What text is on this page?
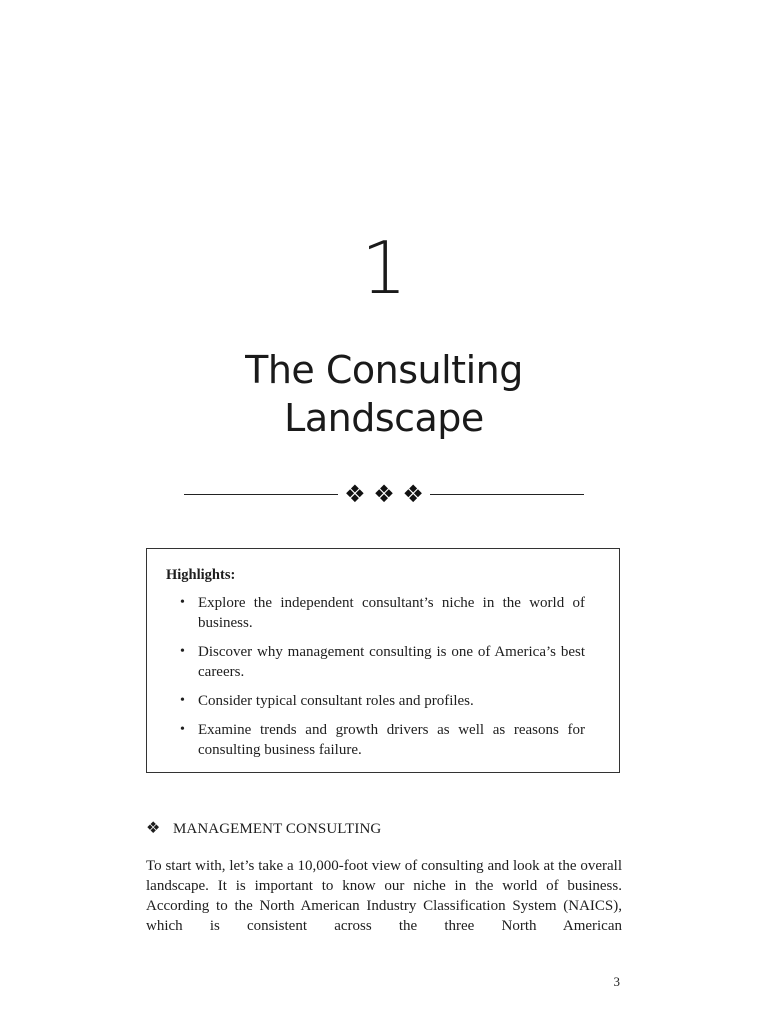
1
The Consulting
Landscape
❖ ❖ ❖
Highlights:
• Explore the independent consultant’s niche in the world of business.
• Discover why management consulting is one of America’s best careers.
• Consider typical consultant roles and profiles.
• Examine trends and growth drivers as well as reasons for consulting business failure.
❖ MANAGEMENT CONSULTING

To start with, let’s take a 10,000-foot view of consulting and look at the overall landscape. It is important to know our niche in the world of business. According to the North American Industry Classification System (NAICS), which is consistent across the three North American

3
